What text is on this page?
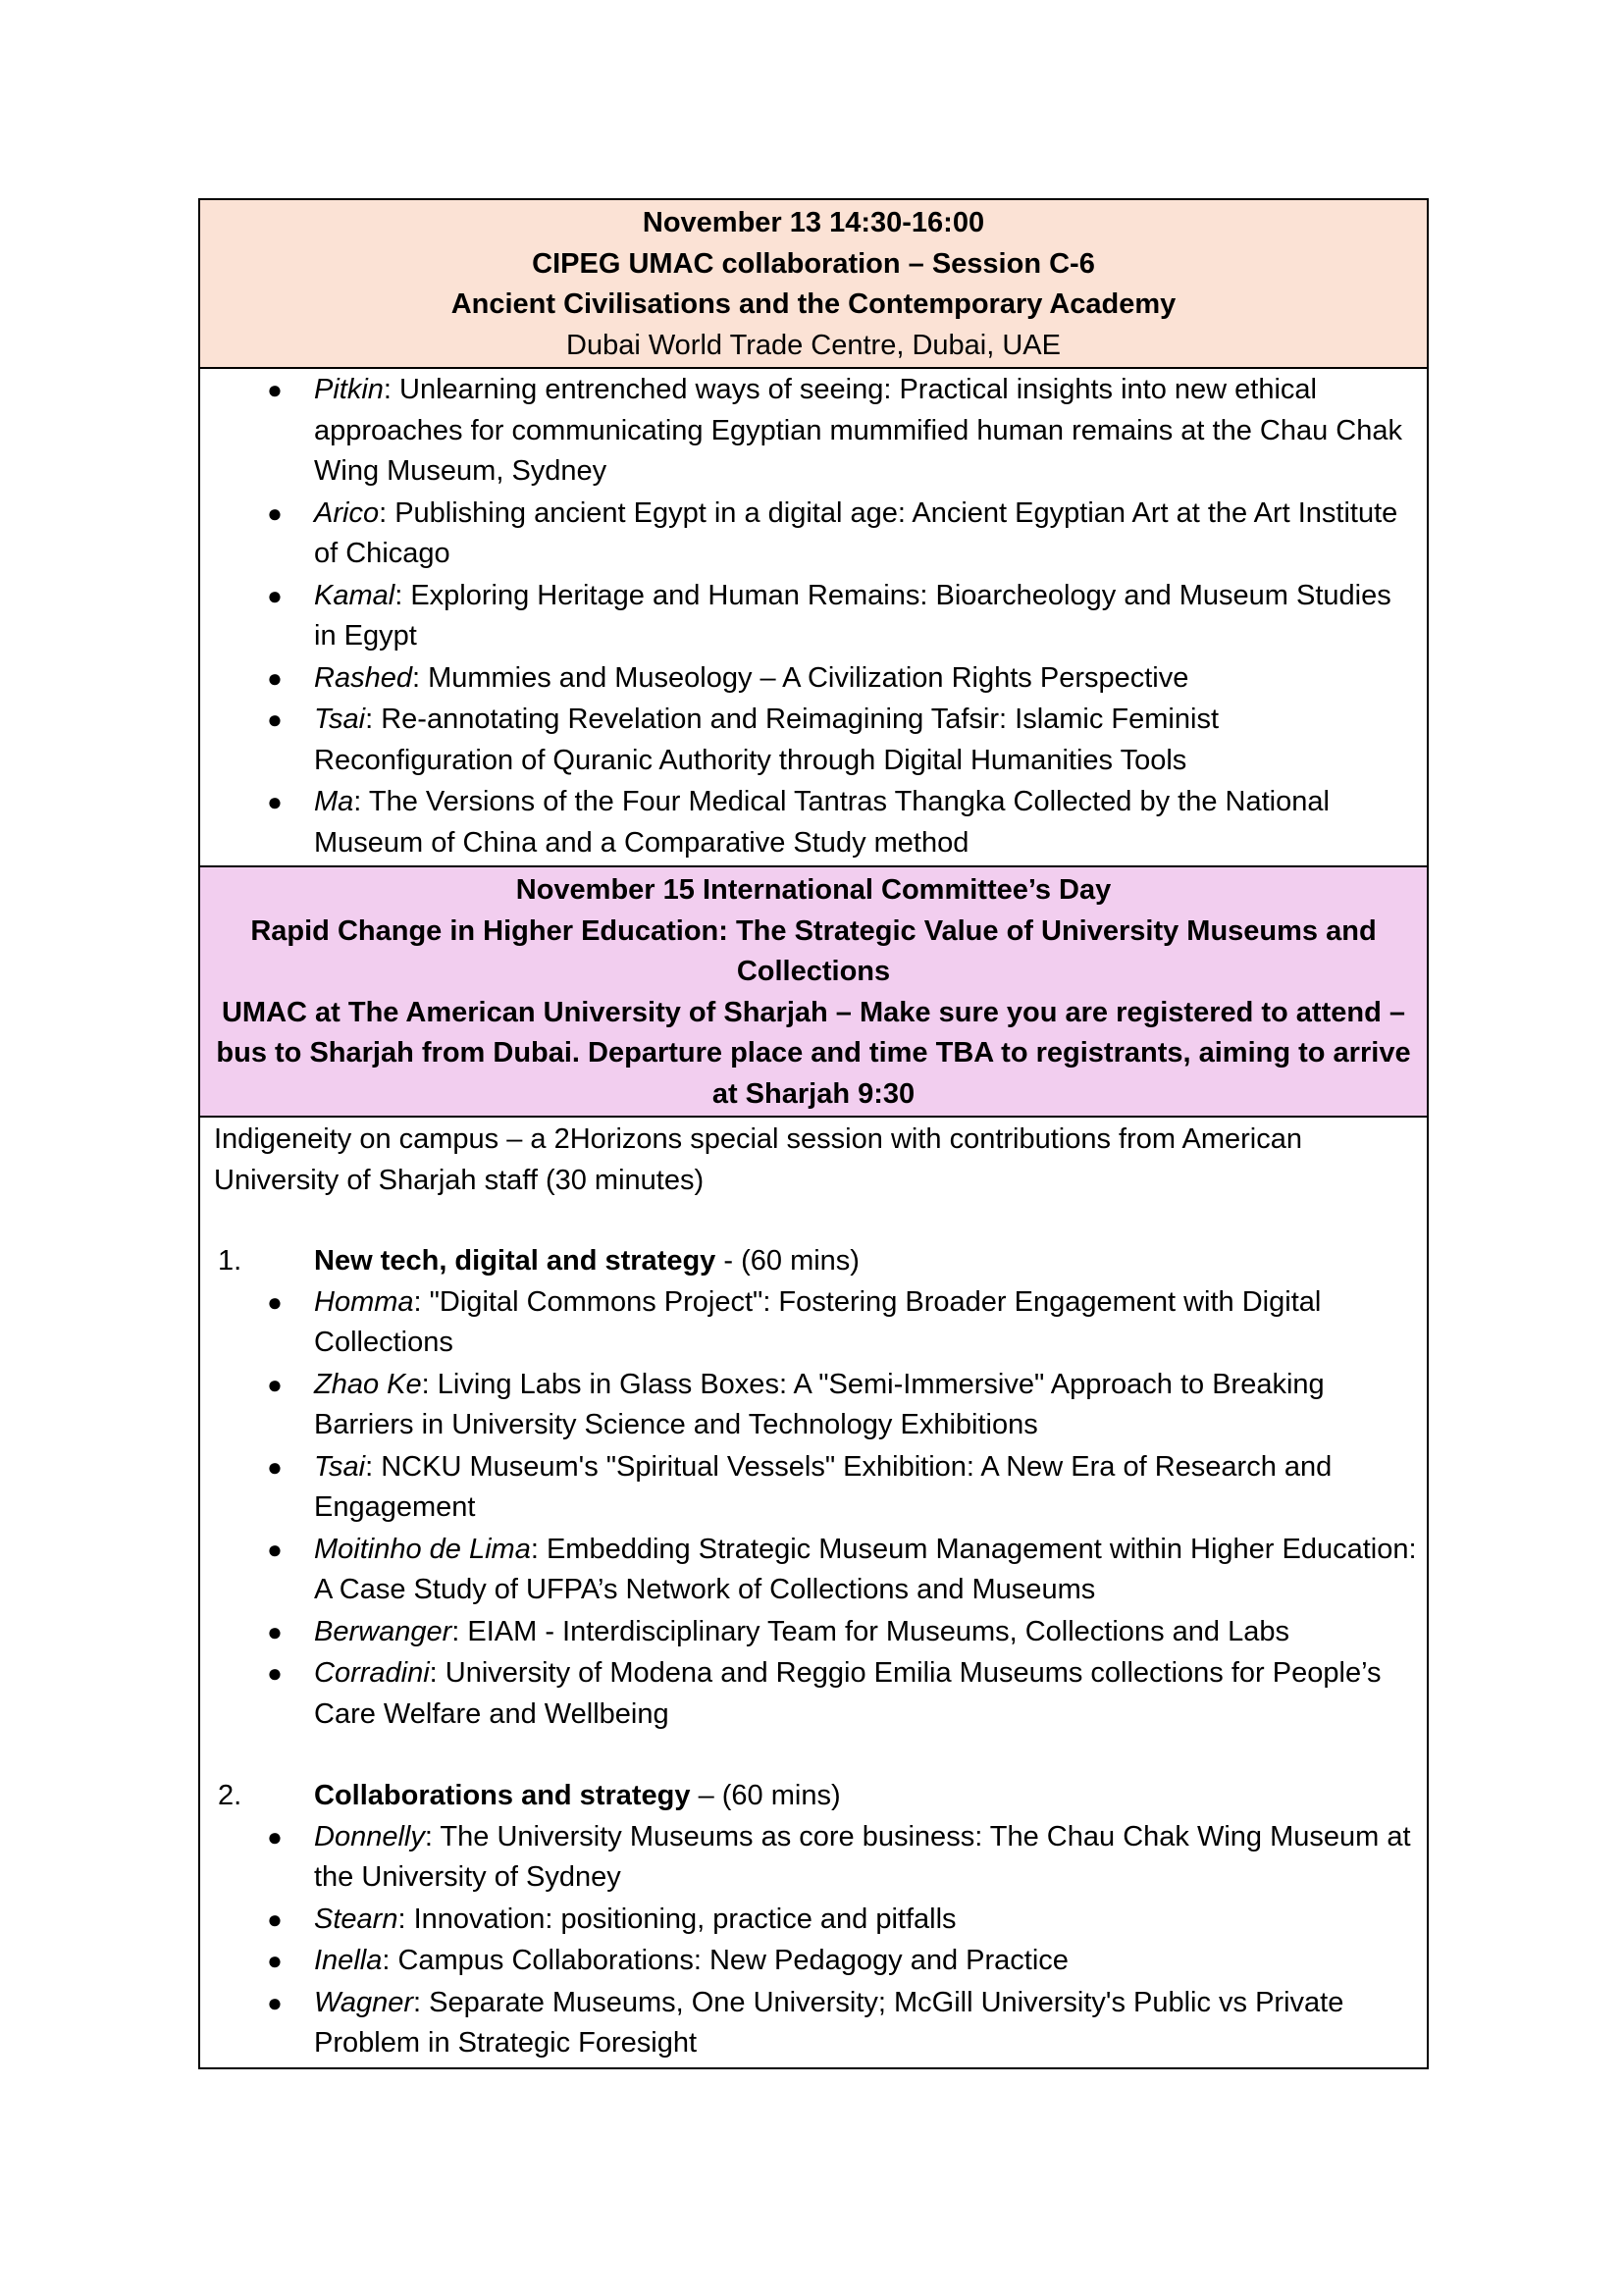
November 13 14:30-16:00
CIPEG UMAC collaboration – Session C-6
Ancient Civilisations and the Contemporary Academy
Dubai World Trade Centre, Dubai, UAE
● Pitkin: Unlearning entrenched ways of seeing: Practical insights into new ethical approaches for communicating Egyptian mummified human remains at the Chau Chak Wing Museum, Sydney
● Arico: Publishing ancient Egypt in a digital age: Ancient Egyptian Art at the Art Institute of Chicago
● Kamal: Exploring Heritage and Human Remains: Bioarcheology and Museum Studies in Egypt
● Rashed: Mummies and Museology – A Civilization Rights Perspective
● Tsai: Re-annotating Revelation and Reimagining Tafsir: Islamic Feminist Reconfiguration of Quranic Authority through Digital Humanities Tools
● Ma: The Versions of the Four Medical Tantras Thangka Collected by the National Museum of China and a Comparative Study method
November 15 International Committee’s Day
Rapid Change in Higher Education: The Strategic Value of University Museums and Collections
UMAC at The American University of Sharjah – Make sure you are registered to attend – bus to Sharjah from Dubai. Departure place and time TBA to registrants, aiming to arrive at Sharjah 9:30
Indigeneity on campus – a 2Horizons special session with contributions from American University of Sharjah staff (30 minutes)
1.	New tech, digital and strategy - (60 mins)
● Homma: "Digital Commons Project": Fostering Broader Engagement with Digital Collections
● Zhao Ke: Living Labs in Glass Boxes: A "Semi-Immersive" Approach to Breaking Barriers in University Science and Technology Exhibitions
● Tsai: NCKU Museum's "Spiritual Vessels" Exhibition: A New Era of Research and Engagement
● Moitinho de Lima: Embedding Strategic Museum Management within Higher Education: A Case Study of UFPA’s Network of Collections and Museums
● Berwanger: EIAM - Interdisciplinary Team for Museums, Collections and Labs
● Corradini: University of Modena and Reggio Emilia Museums collections for People’s Care Welfare and Wellbeing
2.	Collaborations and strategy – (60 mins)
● Donnelly: The University Museums as core business: The Chau Chak Wing Museum at the University of Sydney
● Stearn: Innovation: positioning, practice and pitfalls
● Inella: Campus Collaborations: New Pedagogy and Practice
● Wagner: Separate Museums, One University; McGill University's Public vs Private Problem in Strategic Foresight
